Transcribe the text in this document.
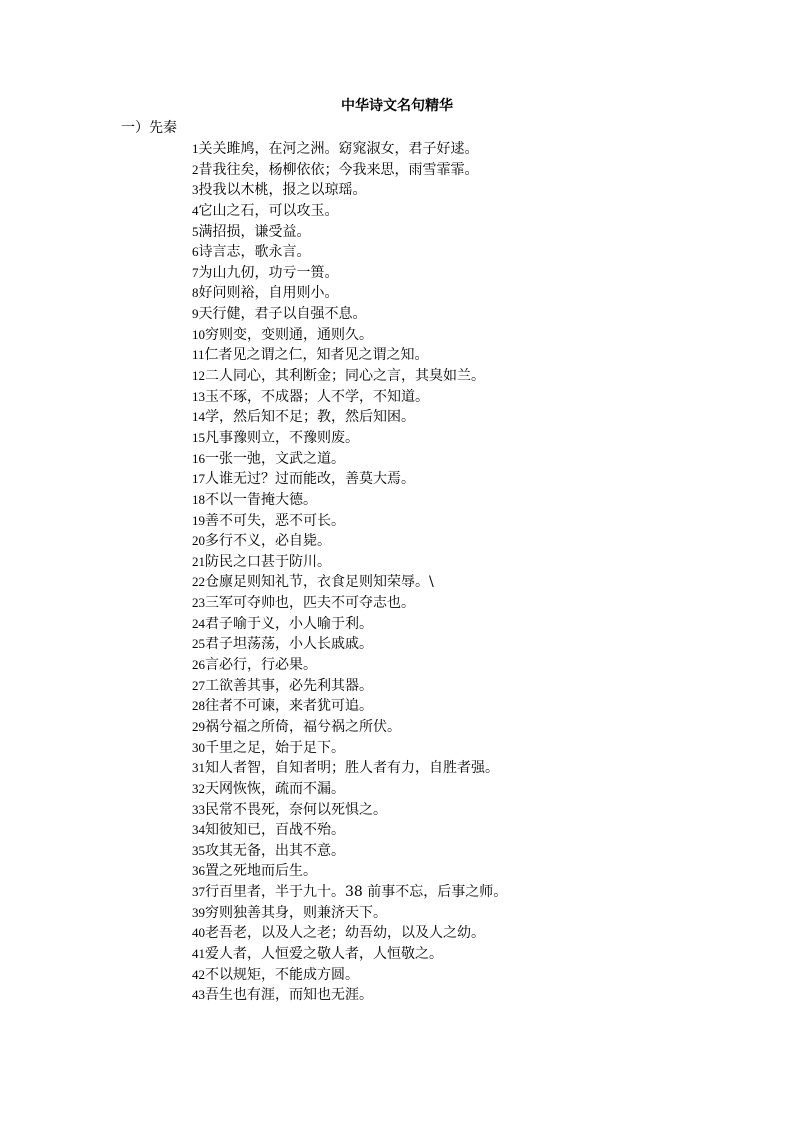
中华诗文名句精华
一）先秦
1关关雎鸠，在河之洲。窈窕淑女，君子好逑。
2昔我往矣，杨柳依依；今我来思，雨雪霏霏。
3投我以木桃，报之以琼瑶。
4它山之石，可以攻玉。
5满招损，谦受益。
6诗言志，歌永言。
7为山九仞，功亏一篑。
8好问则裕，自用则小。
9天行健，君子以自强不息。
10穷则变，变则通，通则久。
11仁者见之谓之仁，知者见之谓之知。
12二人同心，其利断金；同心之言，其臭如兰。
13玉不琢，不成器；人不学，不知道。
14学，然后知不足；教，然后知困。
15凡事豫则立，不豫则废。
16一张一弛，文武之道。
17人谁无过？过而能改，善莫大焉。
18不以一眚掩大德。
19善不可失，恶不可长。
20多行不义，必自毙。
21防民之口甚于防川。
22仓廪足则知礼节，衣食足则知荣辱。\
23三军可夺帅也，匹夫不可夺志也。
24君子喻于义，小人喻于利。
25君子坦荡荡，小人长戚戚。
26言必行，行必果。
27工欲善其事，必先利其器。
28往者不可谏，来者犹可追。
29祸兮福之所倚，福兮祸之所伏。
30千里之足，始于足下。
31知人者智，自知者明；胜人者有力，自胜者强。
32天网恢恢，疏而不漏。
33民常不畏死，奈何以死惧之。
34知彼知已，百战不殆。
35攻其无备，出其不意。
36置之死地而后生。
37行百里者，半于九十。38 前事不忘，后事之师。
39穷则独善其身，则兼济天下。
40老吾老，以及人之老；幼吾幼，以及人之幼。
41爱人者，人恒爱之敬人者，人恒敬之。
42不以规矩，不能成方圆。
43吾生也有涯，而知也无涯。
